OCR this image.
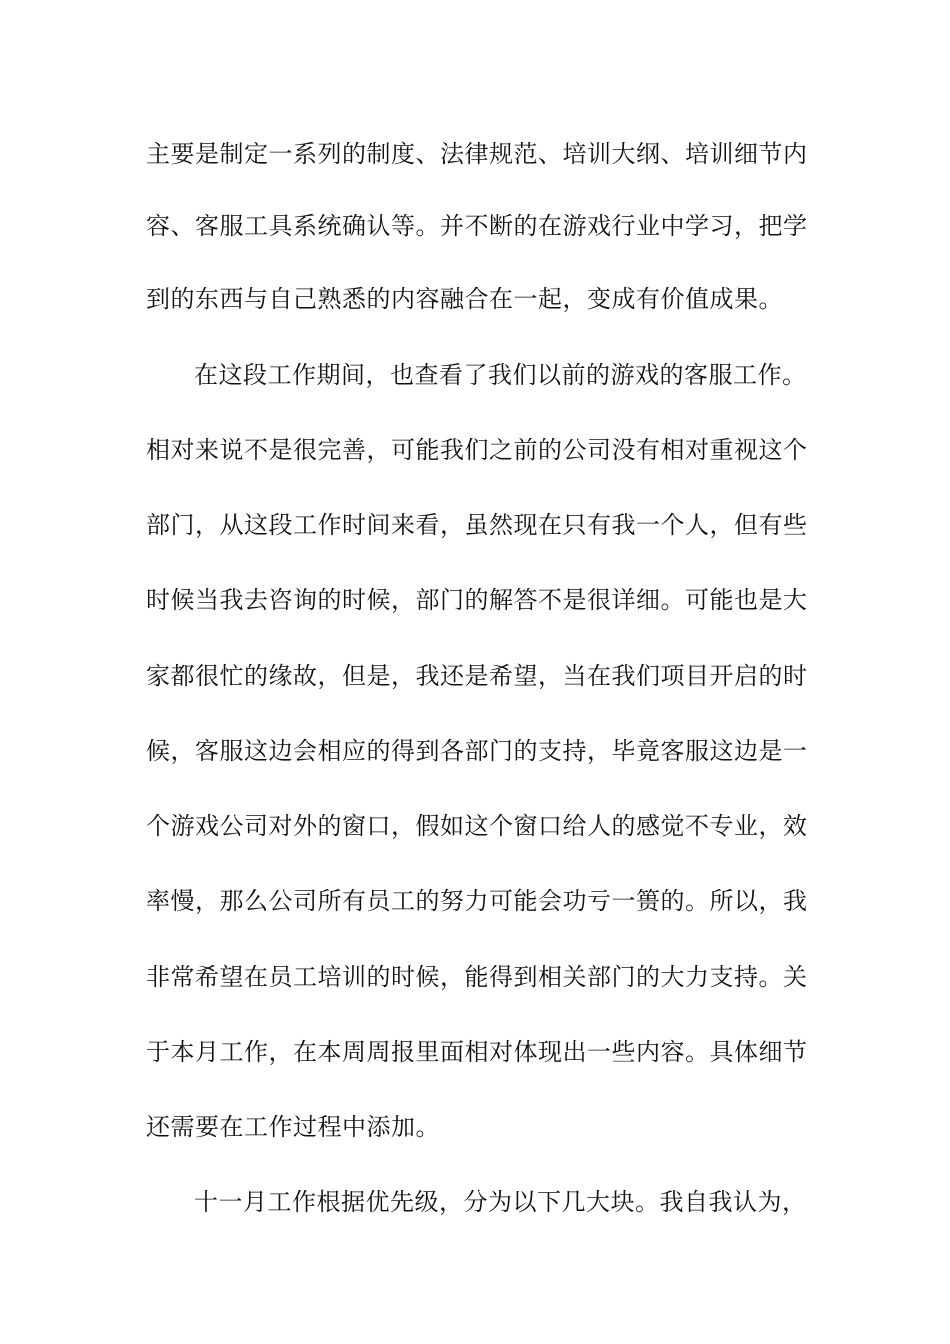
主要是制定一系列的制度、法律规范、培训大纲、培训细节内
容、客服工具系统确认等。并不断的在游戏行业中学习，把学
到的东西与自己熟悉的内容融合在一起，变成有价值成果。
在这段工作期间，也查看了我们以前的游戏的客服工作。
相对来说不是很完善，可能我们之前的公司没有相对重视这个
部门，从这段工作时间来看，虽然现在只有我一个人，但有些
时候当我去咨询的时候，部门的解答不是很详细。可能也是大
家都很忙的缘故，但是，我还是希望，当在我们项目开启的时
候，客服这边会相应的得到各部门的支持，毕竟客服这边是一
个游戏公司对外的窗口，假如这个窗口给人的感觉不专业，效
率慢，那么公司所有员工的努力可能会功亏一篑的。所以，我
非常希望在员工培训的时候，能得到相关部门的大力支持。关
于本月工作，在本周周报里面相对体现出一些内容。具体细节
还需要在工作过程中添加。
十一月工作根据优先级，分为以下几大块。我自我认为，
